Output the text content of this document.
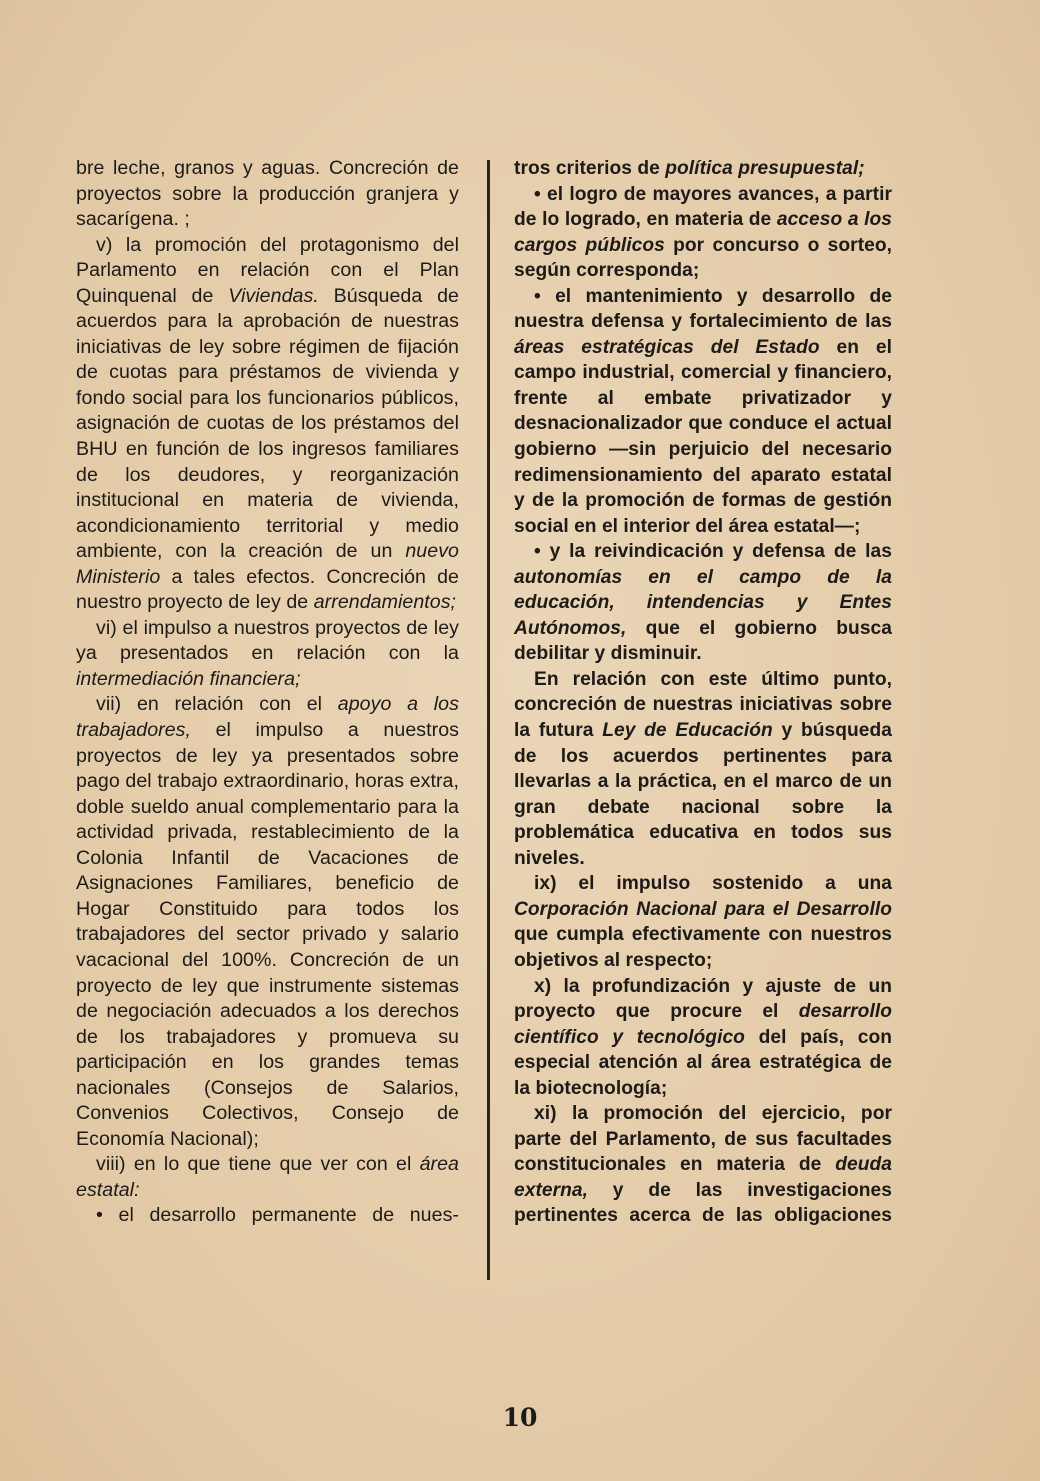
bre leche, granos y aguas. Concreción de proyectos sobre la producción granjera y sacarígena. ;

v) la promoción del protagonismo del Parlamento en relación con el Plan Quinquenal de Viviendas. Búsqueda de acuerdos para la aprobación de nuestras iniciativas de ley sobre régimen de fijación de cuotas para préstamos de vivienda y fondo social para los funcionarios públicos, asignación de cuotas de los préstamos del BHU en función de los ingresos familiares de los deudores, y reorganización institucional en materia de vivienda, acondicionamiento territorial y medio ambiente, con la creación de un nuevo Ministerio a tales efectos. Concreción de nuestro proyecto de ley de arrendamientos;

vi) el impulso a nuestros proyectos de ley ya presentados en relación con la intermediación financiera;

vii) en relación con el apoyo a los trabajadores, el impulso a nuestros proyectos de ley ya presentados sobre pago del trabajo extraordinario, horas extra, doble sueldo anual complementario para la actividad privada, restablecimiento de la Colonia Infantil de Vacaciones de Asignaciones Familiares, beneficio de Hogar Constituido para todos los trabajadores del sector privado y salario vacacional del 100%. Concreción de un proyecto de ley que instrumente sistemas de negociación adecuados a los derechos de los trabajadores y promueva su participación en los grandes temas nacionales (Consejos de Salarios, Convenios Colectivos, Consejo de Economía Nacional);

viii) en lo que tiene que ver con el área estatal:

• el desarrollo permanente de nues-

tros criterios de política presupuestal;

• el logro de mayores avances, a partir de lo logrado, en materia de acceso a los cargos públicos por concurso o sorteo, según corresponda;

• el mantenimiento y desarrollo de nuestra defensa y fortalecimiento de las áreas estratégicas del Estado en el campo industrial, comercial y financiero, frente al embate privatizador y desnacionalizador que conduce el actual gobierno —sin perjuicio del necesario redimensionamiento del aparato estatal y de la promoción de formas de gestión social en el interior del área estatal—;

• y la reivindicación y defensa de las autonomías en el campo de la educación, intendencias y Entes Autónomos, que el gobierno busca debilitar y disminuir.

En relación con este último punto, concreción de nuestras iniciativas sobre la futura Ley de Educación y búsqueda de los acuerdos pertinentes para llevarlas a la práctica, en el marco de un gran debate nacional sobre la problemática educativa en todos sus niveles.

ix) el impulso sostenido a una Corporación Nacional para el Desarrollo que cumpla efectivamente con nuestros objetivos al respecto;

x) la profundización y ajuste de un proyecto que procure el desarrollo científico y tecnológico del país, con especial atención al área estratégica de la biotecnología;

xi) la promoción del ejercicio, por parte del Parlamento, de sus facultades constitucionales en materia de deuda externa, y de las investigaciones pertinentes acerca de las obligaciones

10
